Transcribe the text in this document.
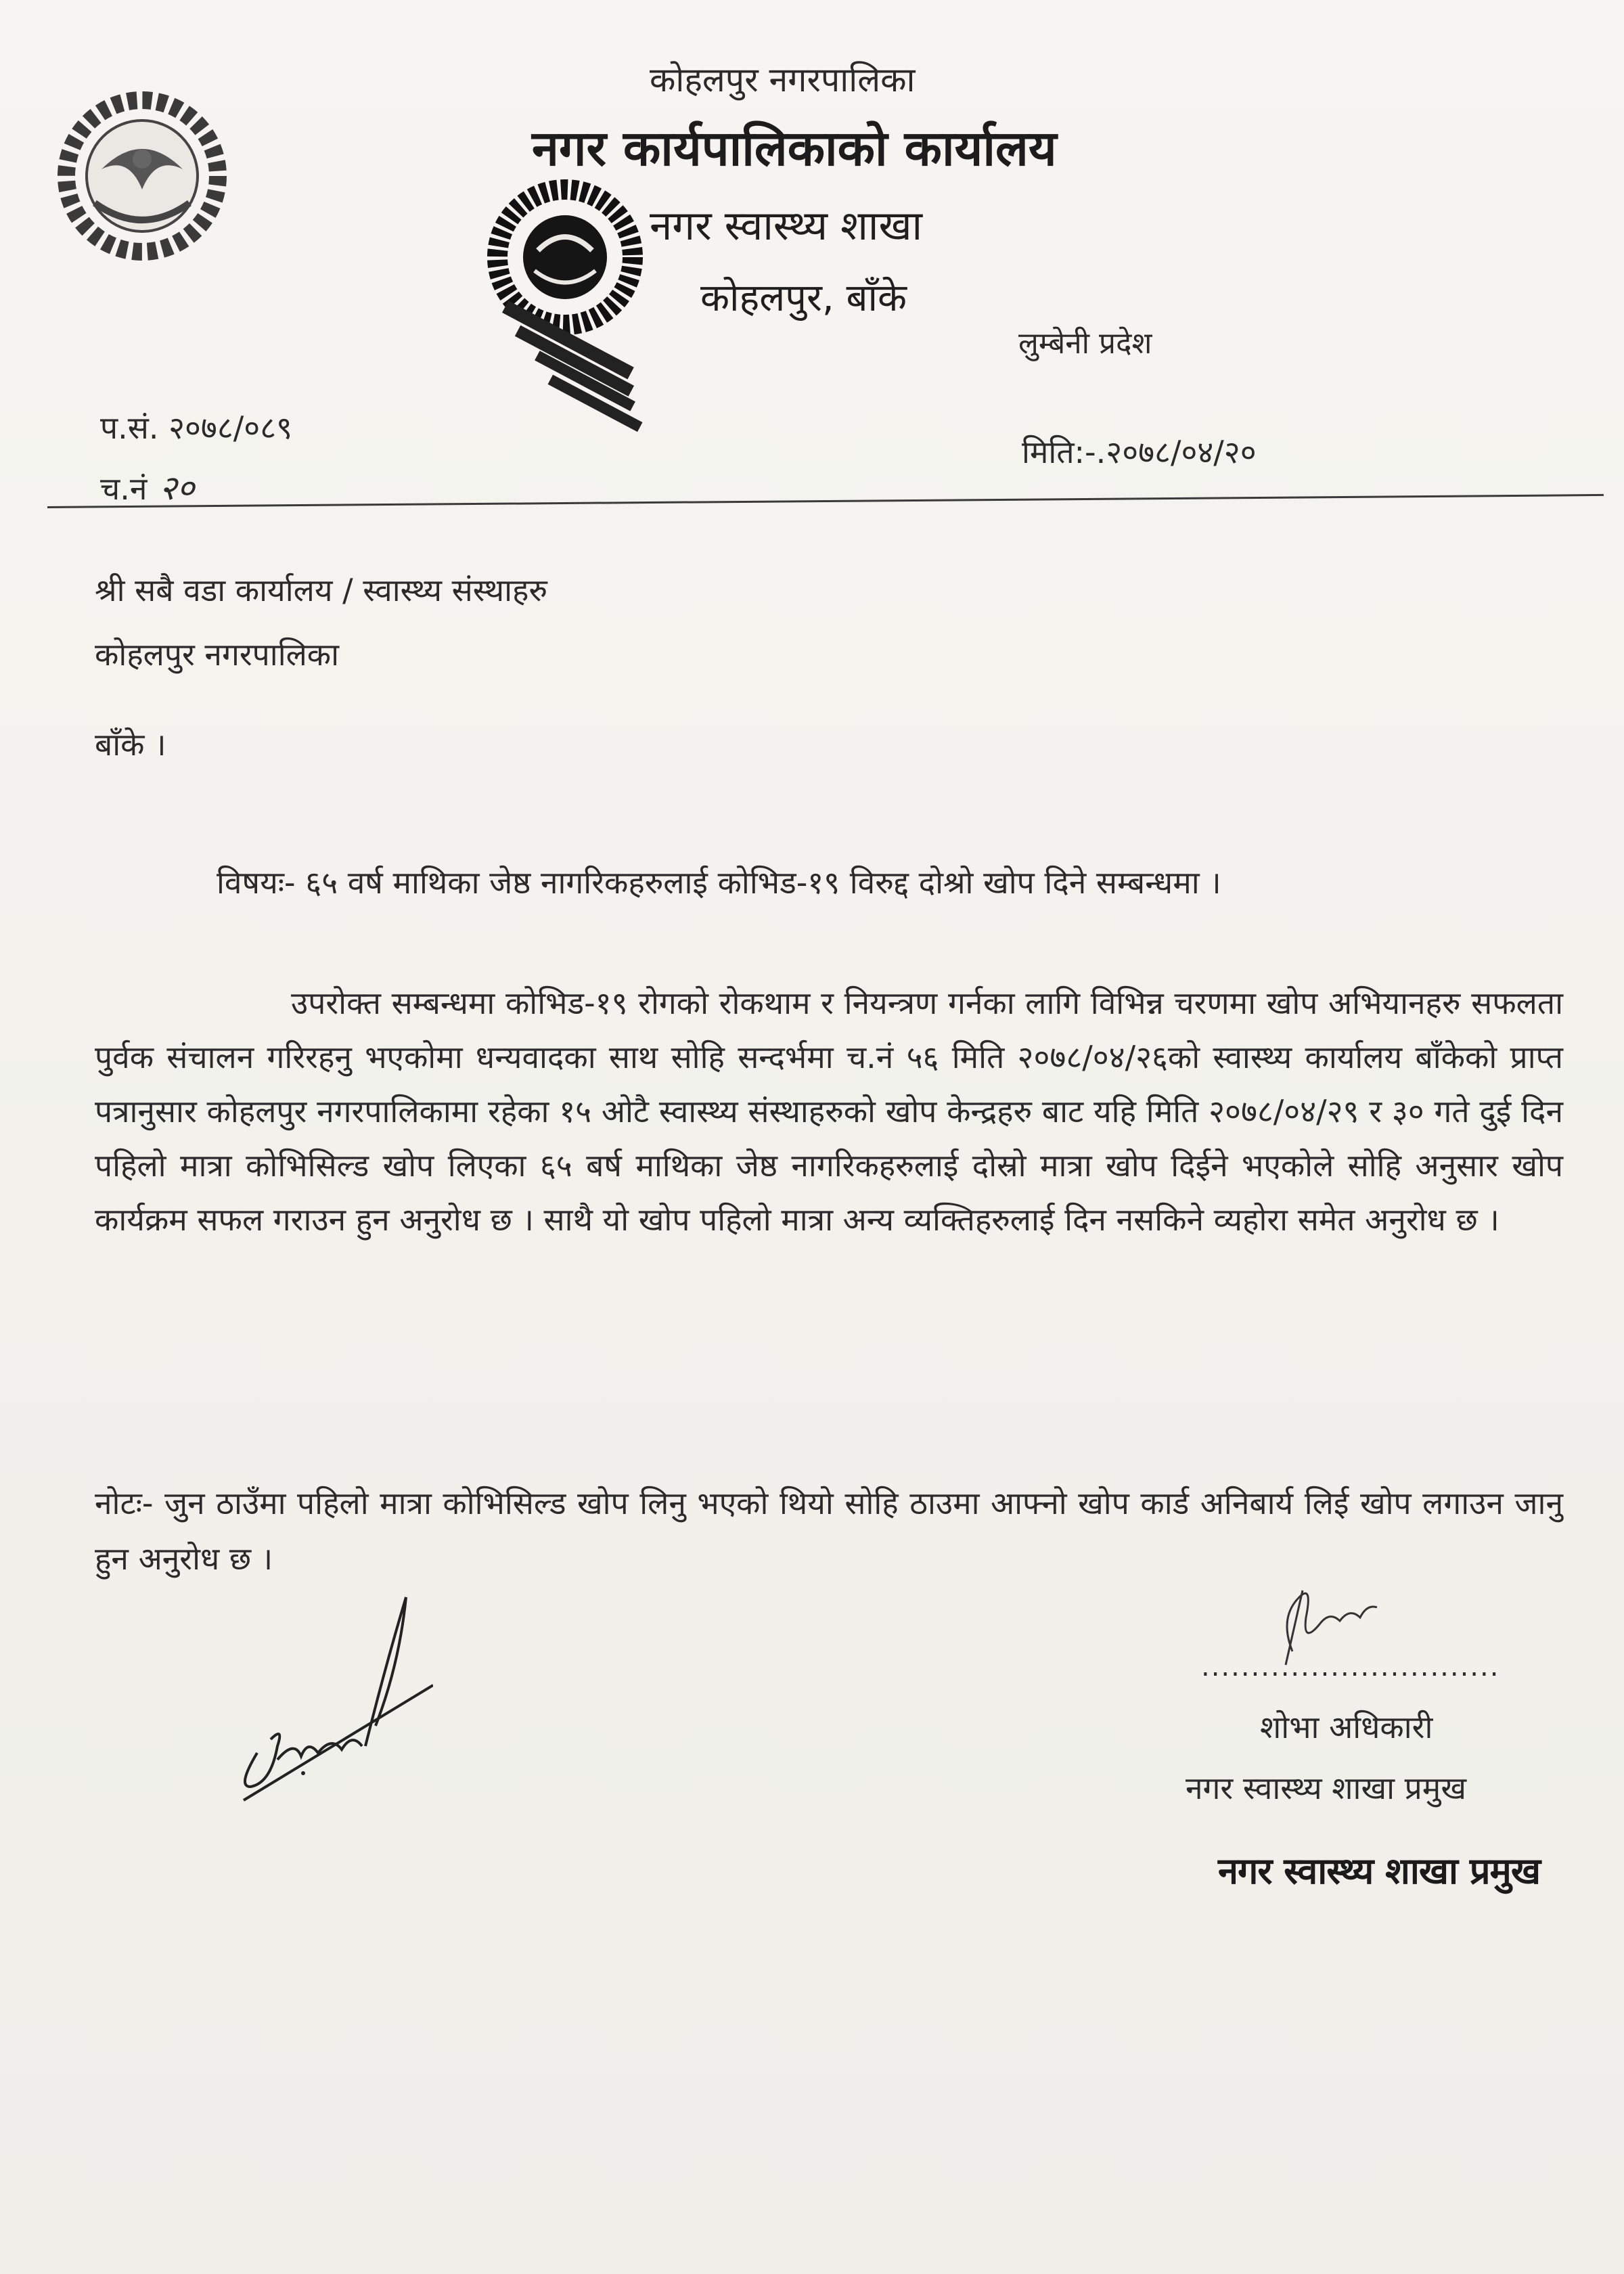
कोहलपुर नगरपालिका
नगर कार्यपालिकाको कार्यालय
नगर स्वास्थ्य शाखा
कोहलपुर, बाँके
लुम्बेनी प्रदेश
प.सं. २०७८/०८९
च.नं २०
मिति:-.२०७८/०४/२०
श्री सबै वडा कार्यालय / स्वास्थ्य संस्थाहरु
कोहलपुर नगरपालिका
बाँके ।
विषयः- ६५ वर्ष माथिका जेष्ठ नागरिकहरुलाई कोभिड-१९ विरुद्द दोश्रो खोप दिने सम्बन्धमा ।
उपरोक्त सम्बन्धमा कोभिड-१९ रोगको रोकथाम र नियन्त्रण गर्नका लागि विभिन्न चरणमा खोप अभियानहरु सफलता पुर्वक संचालन गरिरहनु भएकोमा धन्यवादका साथ सोहि सन्दर्भमा च.नं ५६ मिति २०७८/०४/२६को स्वास्थ्य कार्यालय बाँकेको प्राप्त पत्रानुसार कोहलपुर नगरपालिकामा रहेका १५ ओटै स्वास्थ्य संस्थाहरुको खोप केन्द्रहरु बाट यहि मिति २०७८/०४/२९ र ३० गते दुई दिन पहिलो मात्रा कोभिसिल्ड खोप लिएका ६५ बर्ष माथिका जेष्ठ नागरिकहरुलाई दोस्रो मात्रा खोप दिईने भएकोले सोहि अनुसार खोप कार्यक्रम सफल गराउन हुन अनुरोध छ । साथै यो खोप पहिलो मात्रा अन्य व्यक्तिहरुलाई दिन नसकिने व्यहोरा समेत अनुरोध छ ।
नोटः- जुन ठाउँमा पहिलो मात्रा कोभिसिल्ड खोप लिनु भएको थियो सोहि ठाउमा आफ्नो खोप कार्ड अनिबार्य लिई खोप लगाउन जानु हुन अनुरोध छ ।
..............................
शोभा अधिकारी
नगर स्वास्थ्य शाखा प्रमुख
नगर स्वास्थ्य शाखा प्रमुख
